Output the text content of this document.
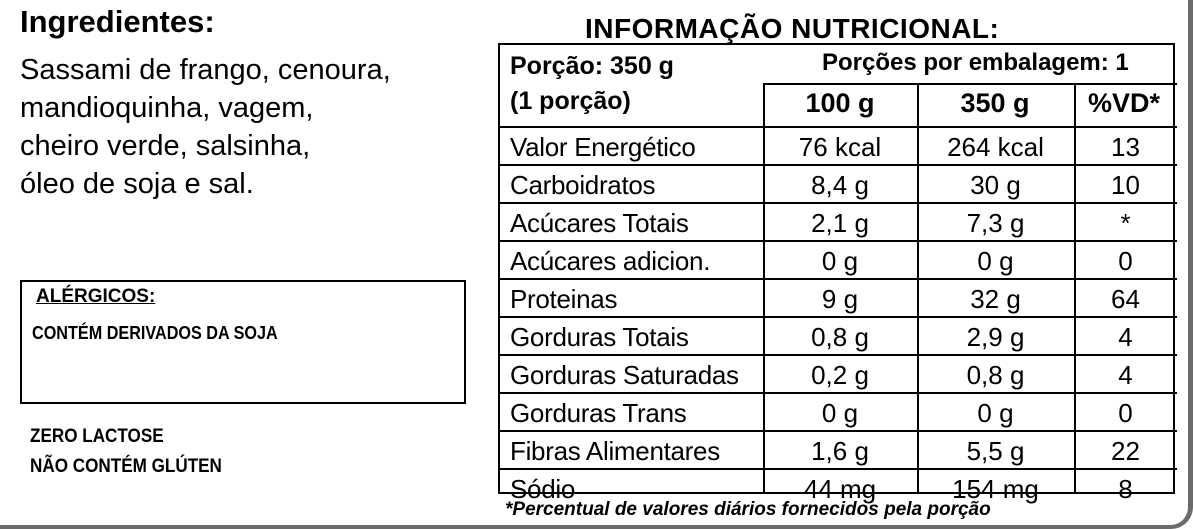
Ingredientes:
Sassami de frango, cenoura,
mandioquinha, vagem,
cheiro verde, salsinha,
óleo de soja e sal.
ALÉRGICOS:
CONTÉM DERIVADOS DA SOJA
ZERO LACTOSE
NÃO CONTÉM GLÚTEN
INFORMAÇÃO NUTRICIONAL:
Porção: 350 g
(1 porção)
Porções por embalagem: 1
100 g	350 g	%VD*
Valor Energético	76 kcal	264 kcal	13
Carboidratos	8,4 g	30 g	10
Acúcares Totais	2,1 g	7,3 g	*
Acúcares adicion.	0 g	0 g	0
Proteinas	9 g	32 g	64
Gorduras Totais	0,8 g	2,9 g	4
Gorduras Saturadas	0,2 g	0,8 g	4
Gorduras Trans	0 g	0 g	0
Fibras Alimentares	1,6 g	5,5 g	22
Sódio	44 mg	154 mg	8
*Percentual de valores diários fornecidos pela porção
